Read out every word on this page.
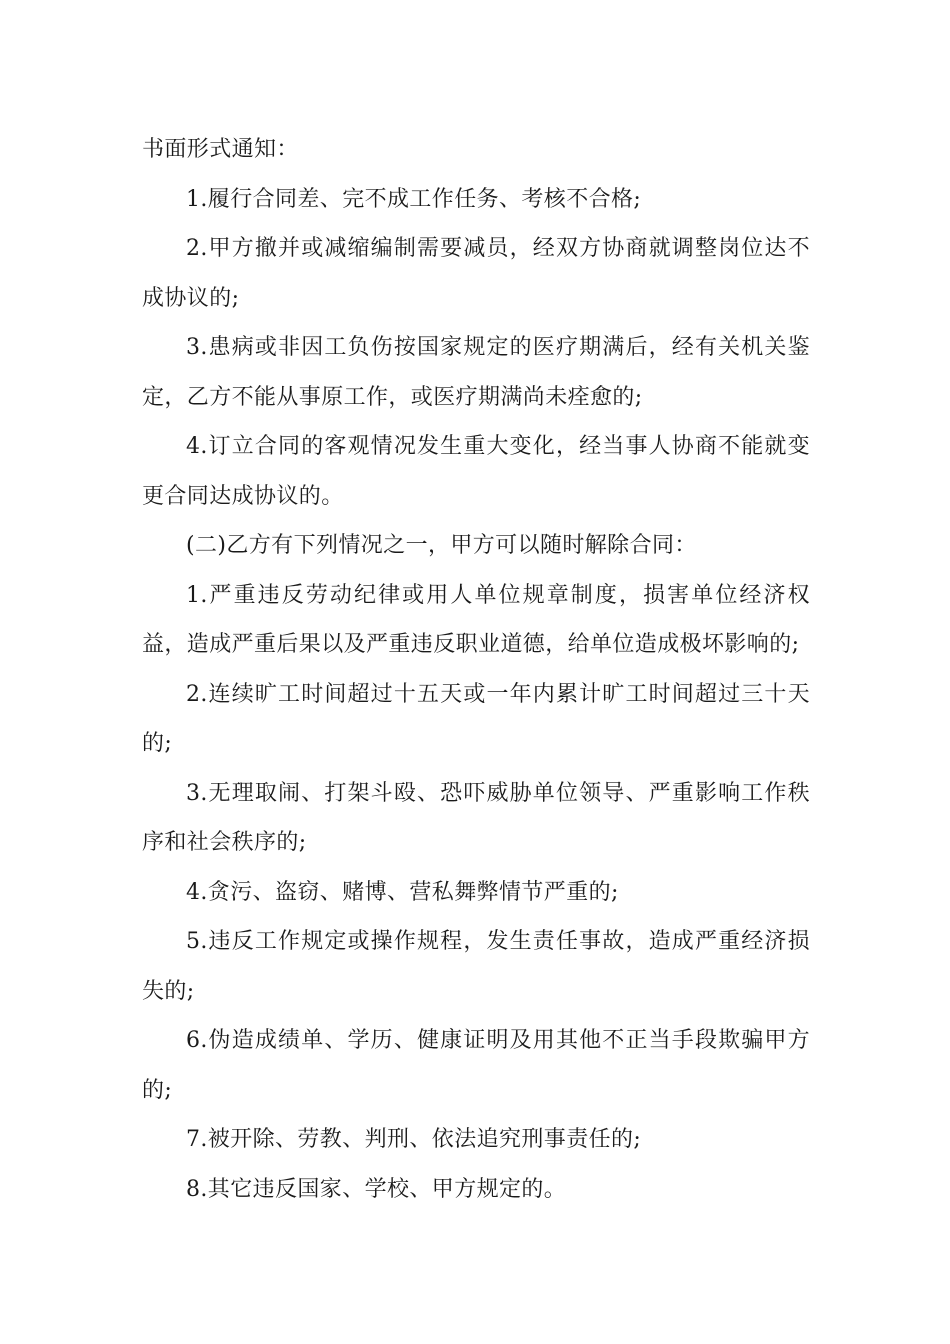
书面形式通知：

1.履行合同差、完不成工作任务、考核不合格;

2.甲方撤并或减缩编制需要减员，经双方协商就调整岗位达不成协议的;

3.患病或非因工负伤按国家规定的医疗期满后，经有关机关鉴定，乙方不能从事原工作，或医疗期满尚未痊愈的;

4.订立合同的客观情况发生重大变化，经当事人协商不能就变更合同达成协议的。

(二)乙方有下列情况之一，甲方可以随时解除合同：

1.严重违反劳动纪律或用人单位规章制度，损害单位经济权益，造成严重后果以及严重违反职业道德，给单位造成极坏影响的;

2.连续旷工时间超过十五天或一年内累计旷工时间超过三十天的;

3.无理取闹、打架斗殴、恐吓威胁单位领导、严重影响工作秩序和社会秩序的;

4.贪污、盗窃、赌博、营私舞弊情节严重的;

5.违反工作规定或操作规程，发生责任事故，造成严重经济损失的;

6.伪造成绩单、学历、健康证明及用其他不正当手段欺骗甲方的;

7.被开除、劳教、判刑、依法追究刑事责任的;

8.其它违反国家、学校、甲方规定的。
